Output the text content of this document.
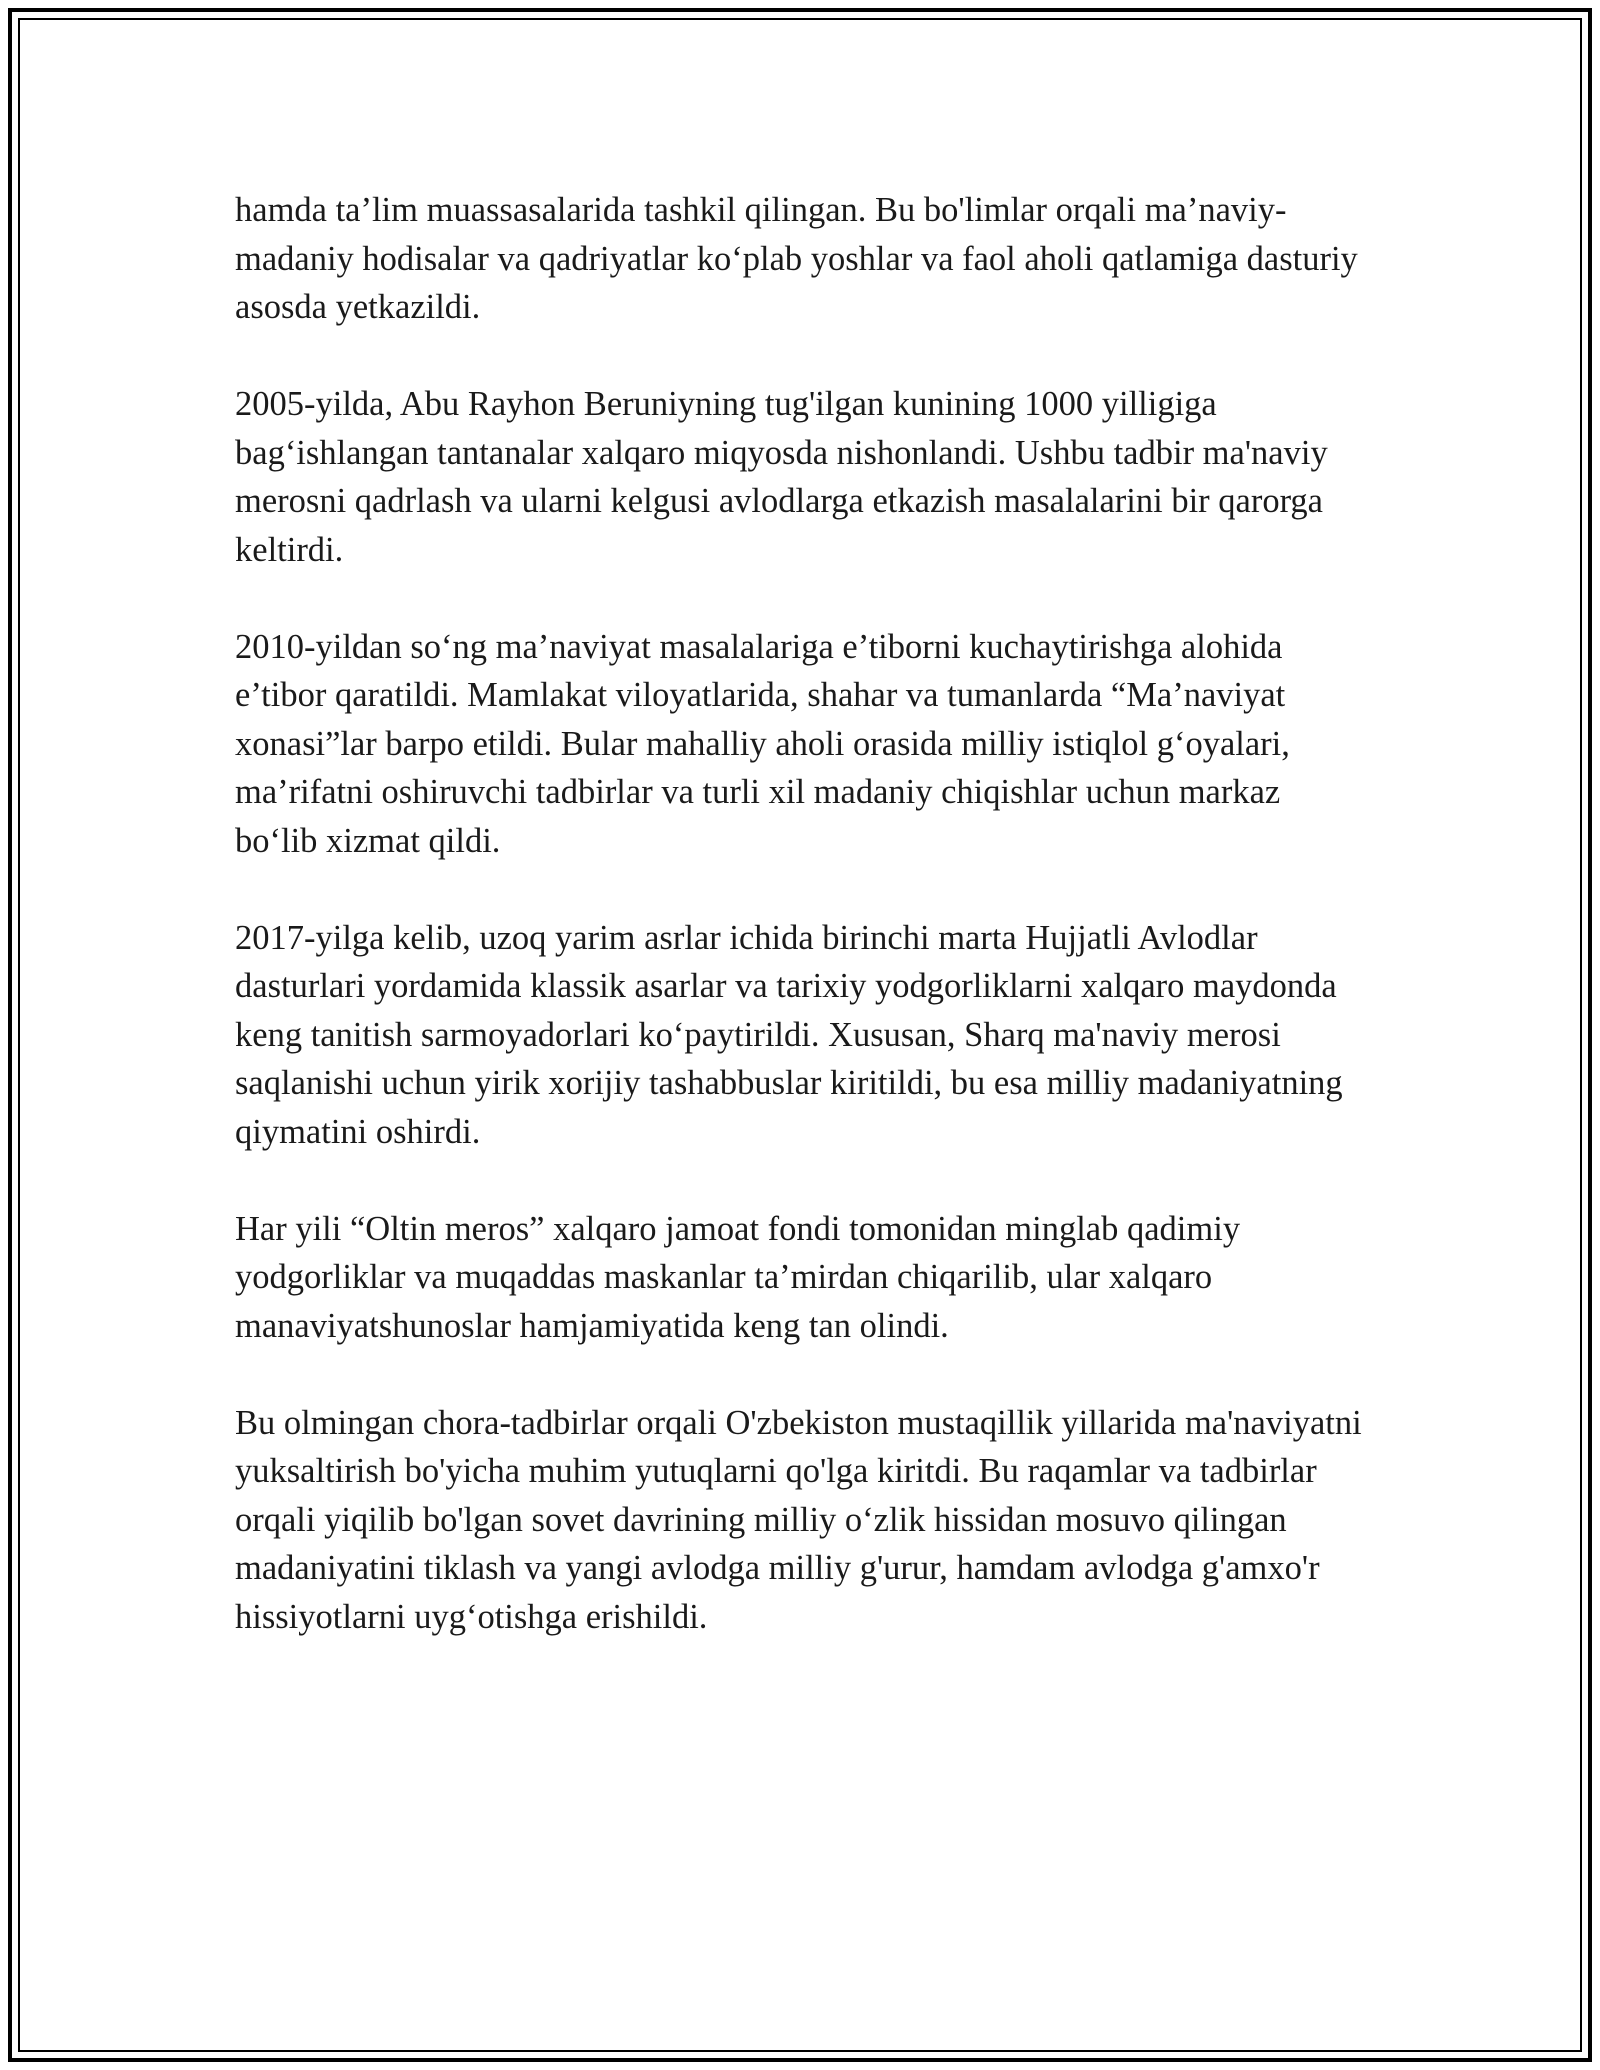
hamda ta’lim muassasalarida tashkil qilingan. Bu bo'limlar orqali ma’naviy-madaniy hodisalar va qadriyatlar ko‘plab yoshlar va faol aholi qatlamiga dasturiy asosda yetkazildi.

2005-yilda, Abu Rayhon Beruniyning tug'ilgan kunining 1000 yilligiga bag‘ishlangan tantanalar xalqaro miqyosda nishonlandi. Ushbu tadbir ma'naviy merosni qadrlash va ularni kelgusi avlodlarga etkazish masalalarini bir qarorga keltirdi.

2010-yildan so‘ng ma’naviyat masalalariga e’tiborni kuchaytirishga alohida e’tibor qaratildi. Mamlakat viloyatlarida, shahar va tumanlarda “Ma’naviyat xonasi”lar barpo etildi. Bular mahalliy aholi orasida milliy istiqlol g‘oyalari, ma’rifatni oshiruvchi tadbirlar va turli xil madaniy chiqishlar uchun markaz bo‘lib xizmat qildi.

2017-yilga kelib, uzoq yarim asrlar ichida birinchi marta Hujjatli Avlodlar dasturlari yordamida klassik asarlar va tarixiy yodgorliklarni xalqaro maydonda keng tanitish sarmoyadorlari ko‘paytirildi. Xususan, Sharq ma'naviy merosi saqlanishi uchun yirik xorijiy tashabbuslar kiritildi, bu esa milliy madaniyatning qiymatini oshirdi.

Har yili “Oltin meros” xalqaro jamoat fondi tomonidan minglab qadimiy yodgorliklar va muqaddas maskanlar ta’mirdan chiqarilib, ular xalqaro manaviyatshunoslar hamjamiyatida keng tan olindi.

Bu olmingan chora-tadbirlar orqali O'zbekiston mustaqillik yillarida ma'naviyatni yuksaltirish bo'yicha muhim yutuqlarni qo'lga kiritdi. Bu raqamlar va tadbirlar orqali yiqilib bo'lgan sovet davrining milliy o‘zlik hissidan mosuvo qilingan madaniyatini tiklash va yangi avlodga milliy g'urur, hamdam avlodga g'amxo'r hissiyotlarni uyg‘otishga erishildi.
